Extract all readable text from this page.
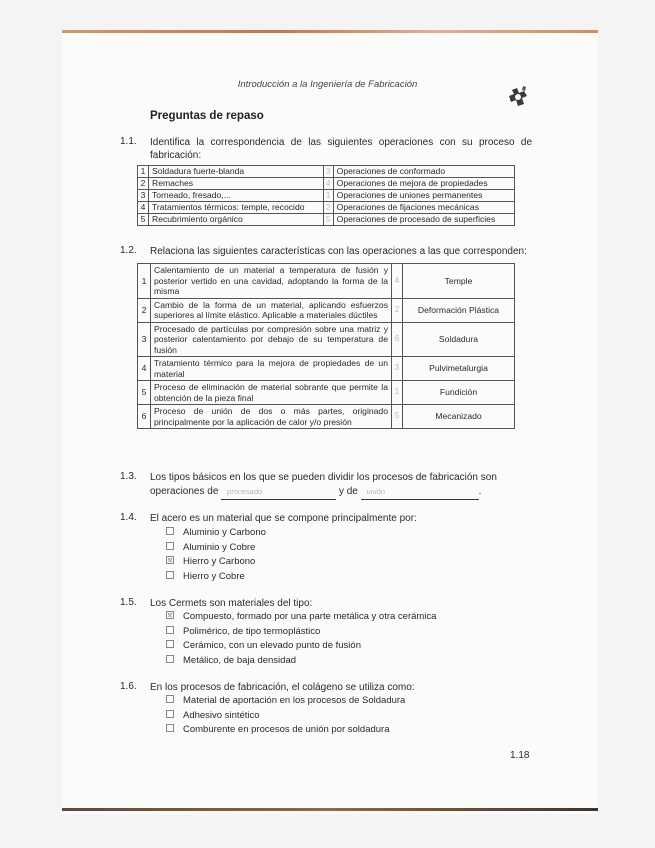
Introducción a la Ingeniería de Fabricación
Preguntas de repaso
1.1. Identifica la correspondencia de las siguientes operaciones con su proceso de fabricación:
1	Soldadura fuerte-blanda	3	Operaciones de conformado
2	Remaches	4	Operaciones de mejora de propiedades
3	Torneado, fresado,...	1	Operaciones de uniones permanentes
4	Tratamientos térmicos: temple, recocido	2	Operaciones de fijaciones mecánicas
5	Recubrimiento orgánico	5	Operaciones de procesado de superficies
1.2. Relaciona las siguientes características con las operaciones a las que corresponden:
1	Calentamiento de un material a temperatura de fusión y posterior vertido en una cavidad, adoptando la forma de la misma	4	Temple
2	Cambio de la forma de un material, aplicando esfuerzos superiores al límite elástico. Aplicable a materiales dúctiles	2	Deformación Plástica
3	Procesado de partículas por compresión sobre una matriz y posterior calentamiento por debajo de su temperatura de fusión	6	Soldadura
4	Tratamiento térmico para la mejora de propiedades de un material	3	Pulvimetalurgia
5	Proceso de eliminación de material sobrante que permite la obtención de la pieza final	1	Fundición
6	Proceso de unión de dos o más partes, originado principalmente por la aplicación de calor y/o presión	5	Mecanizado
1.3. Los tipos básicos en los que se pueden dividir los procesos de fabricación son
operaciones de procesado	y de unión	.
1.4. El acero es un material que se compone principalmente por:
Aluminio y Carbono
Aluminio y Cobre
Hierro y Carbono
Hierro y Cobre
1.5. Los Cermets son materiales del tipo:
Compuesto, formado por una parte metálica y otra cerámica
Polimérico, de tipo termoplástico
Cerámico, con un elevado punto de fusión
Metálico, de baja densidad
1.6. En los procesos de fabricación, el colágeno se utiliza como:
Material de aportación en los procesos de Soldadura
Adhesivo sintético
Comburente en procesos de unión por soldadura
1.18
